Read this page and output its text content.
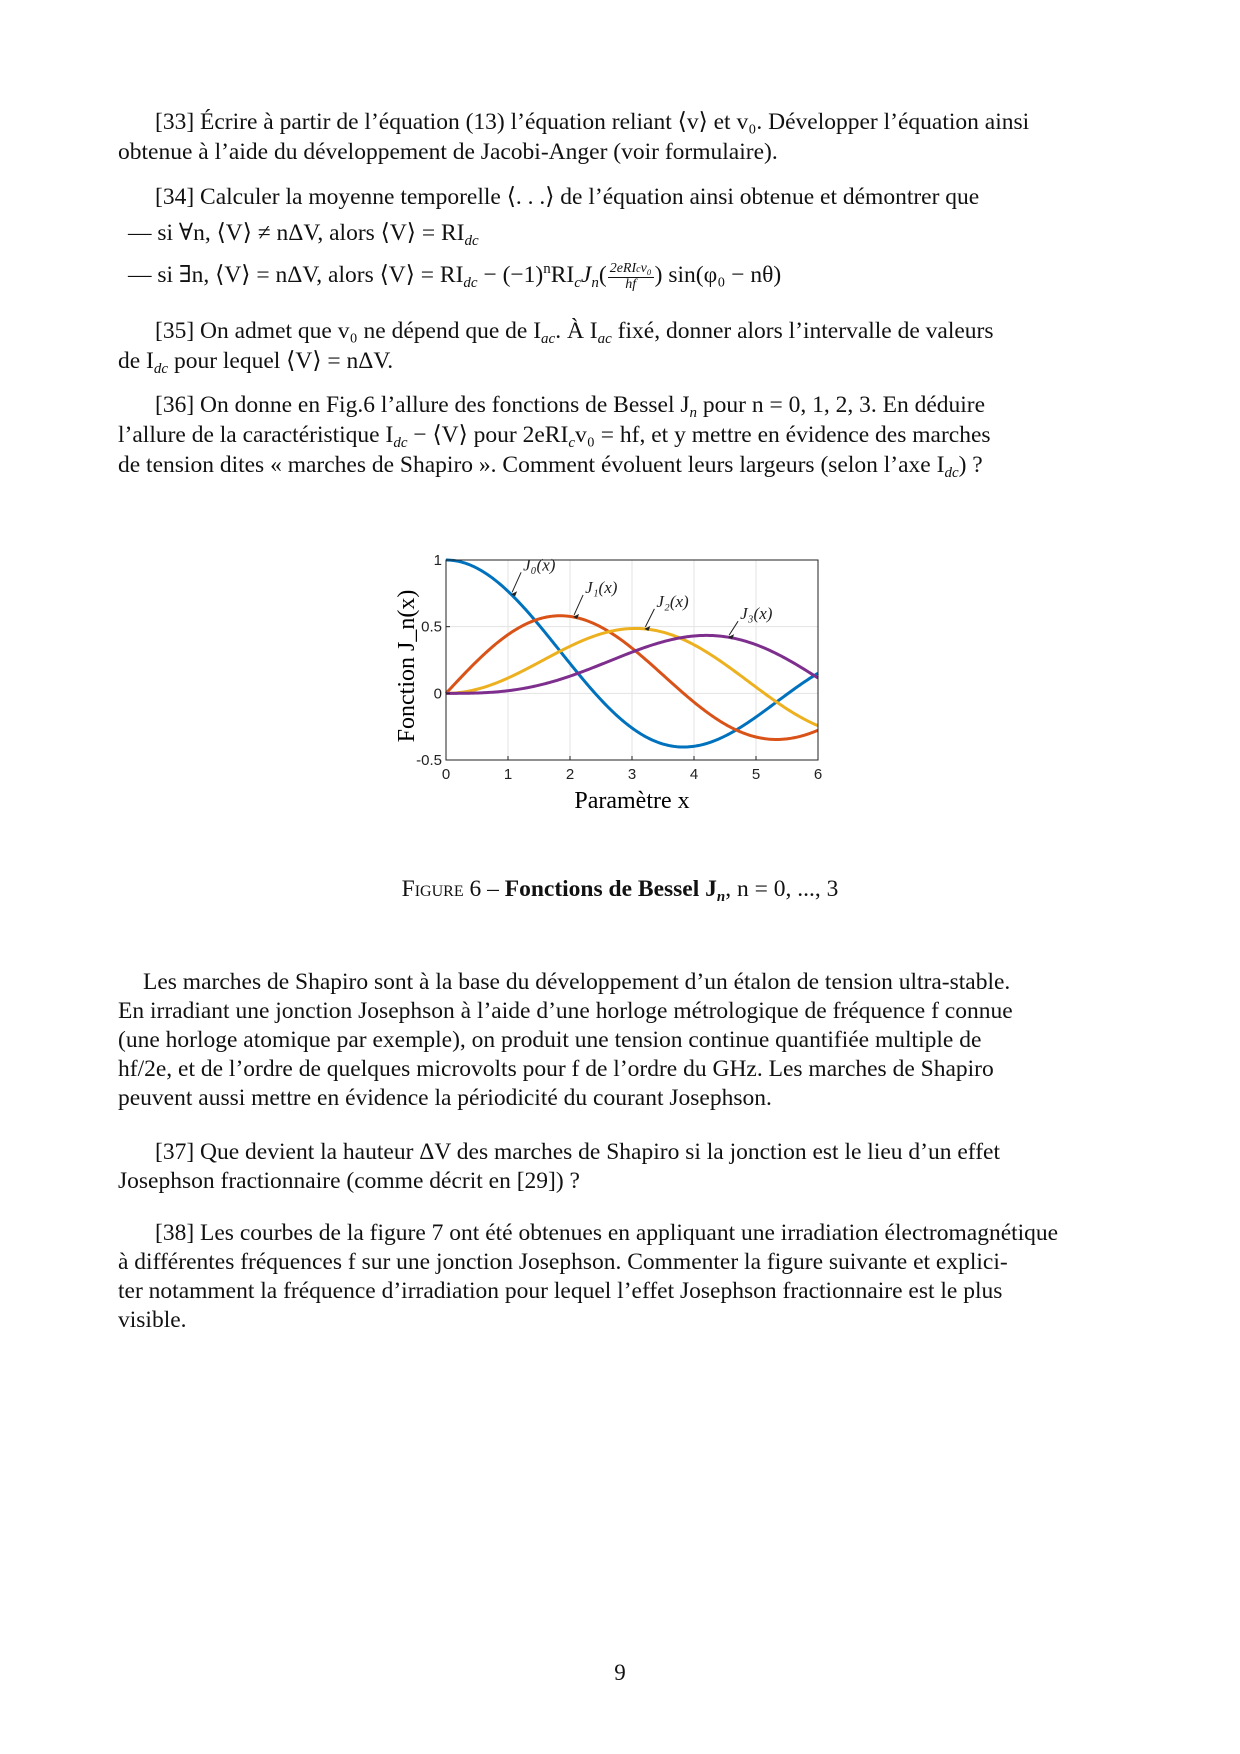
[33] Écrire à partir de l’équation (13) l’équation reliant ⟨v⟩ et v₀. Développer l’équation ainsi
obtenue à l’aide du développement de Jacobi-Anger (voir formulaire).
[34] Calculer la moyenne temporelle ⟨. . .⟩ de l’équation ainsi obtenue et démontrer que
— si ∀n, ⟨V⟩ ≠ nΔV, alors ⟨V⟩ = $RI_{dc}$
— si ∃n, ⟨V⟩ = nΔV, alors ⟨V⟩ = $RI_{dc} - (-1)^nRI_cJ_n( \frac{\text{2eRIcv₀}}{hf}$ ) sin(φ₀ − nθ)
[35] On admet que v₀ ne dépend que de $I_{ac}$. À $I_{ac}$ fixé, donner alors l’intervalle de valeurs
de $I_{dc}$ pour lequel ⟨V⟩ = nΔV.
[36] On donne en Fig.6 l’allure des fonctions de Bessel $J_n$ pour n = 0, 1, 2, 3. En déduire
l’allure de la caractéristique $I_{dc}$ − ⟨V⟩ pour 2eRI$_c$v₀ = hf, et y mettre en évidence des marches
de tension dites « marches de Shapiro ». Comment évoluent leurs largeurs (selon l’axe $I_{dc}$) ?
0	1	2	3	4	5	6
-0.5
0
0.5
1	J₀(x)
J₁(x)
J₂(x)
J₃(x)
Paramètre x
Fonction J_n(x)
Figure 6 – Fonctions de Bessel $J_n$, n = 0, ..., 3
Les marches de Shapiro sont à la base du développement d’un étalon de tension ultra-stable.
En irradiant une jonction Josephson à l’aide d’une horloge métrologique de fréquence f connue
(une horloge atomique par exemple), on produit une tension continue quantifiée multiple de
hf/2e, et de l’ordre de quelques microvolts pour f de l’ordre du GHz. Les marches de Shapiro
peuvent aussi mettre en évidence la périodicité du courant Josephson.
[37] Que devient la hauteur ΔV des marches de Shapiro si la jonction est le lieu d’un effet
Josephson fractionnaire (comme décrit en [29]) ?
[38] Les courbes de la figure 7 ont été obtenues en appliquant une irradiation électromagnétique
à différentes fréquences f sur une jonction Josephson. Commenter la figure suivante et explici-
ter notamment la fréquence d’irradiation pour lequel l’effet Josephson fractionnaire est le plus
visible.
9
